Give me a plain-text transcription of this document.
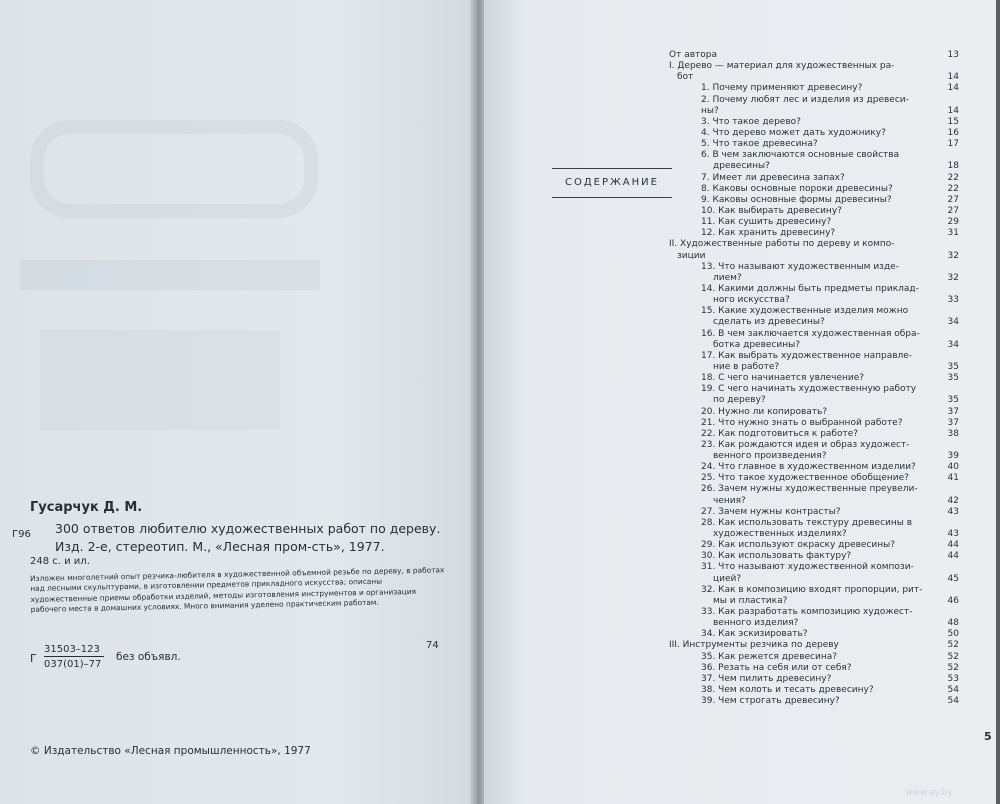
Гусарчук Д. М.
Г96 300 ответов любителю художественных работ по дереву. Изд. 2-е, стереотип. М., «Лесная пром-сть», 1977.
248 с. и ил.
Изложен многолетний опыт резчика-любителя в художественной объемной резьбе по дереву, в работах над лесными скульптурами, в изготовлении предметов прикладного искусства; описаны художественные приемы обработки изделий, методы изготовления инструментов и организация рабочего места в домашних условиях. Много внимания уделено практическим работам.
74
Г $\frac{31503-123}{037(01)-77}$ без объявл.
© Издательство «Лесная промышленность», 1977
СОДЕРЖАНИЕ
От автора	13
I. Дерево — материал для художественных ра-
бот	14
1. Почему применяют древесину?	14
2. Почему любят лес и изделия из древеси-
ны?	14
3. Что такое дерево?	15
4. Что дерево может дать художнику?	16
5. Что такое древесина?	17
6. В чем заключаются основные свойства
древесины?	18
7. Имеет ли древесина запах?	22
8. Каковы основные пороки древесины?	22
9. Каковы основные формы древесины?	27
10. Как выбирать древесину?	27
11. Как сушить древесину?	29
12. Как хранить древесину?	31
II. Художественные работы по дереву и компо-
зиции	32
13. Что называют художественным изде-
лием?	32
14. Какими должны быть предметы приклад-
ного искусства?	33
15. Какие художественные изделия можно
сделать из древесины?	34
16. В чем заключается художественная обра-
ботка древесины?	34
17. Как выбрать художественное направле-
ние в работе?	35
18. С чего начинается увлечение?	35
19. С чего начинать художественную работу
по дереву?	35
20. Нужно ли копировать?	37
21. Что нужно знать о выбранной работе?	37
22. Как подготовиться к работе?	38
23. Как рождаются идея и образ художест-
венного произведения?	39
24. Что главное в художественном изделии?	40
25. Что такое художественное обобщение?	41
26. Зачем нужны художественные преувели-
чения?	42
27. Зачем нужны контрасты?	43
28. Как использовать текстуру древесины в
художественных изделиях?	43
29. Как используют окраску древесины?	44
30. Как использовать фактуру?	44
31. Что называют художественной компози-
цией?	45
32. Как в композицию входят пропорции, рит-
мы и пластика?	46
33. Как разработать композицию художест-
венного изделия?	48
34. Как эскизировать?	50
III. Инструменты резчика по дереву	52
35. Как режется древесина?	52
36. Резать на себя или от себя?	52
37. Чем пилить древесину?	53
38. Чем колоть и тесать древесину?	54
39. Чем строгать древесину?	54
5
www.ay.by
